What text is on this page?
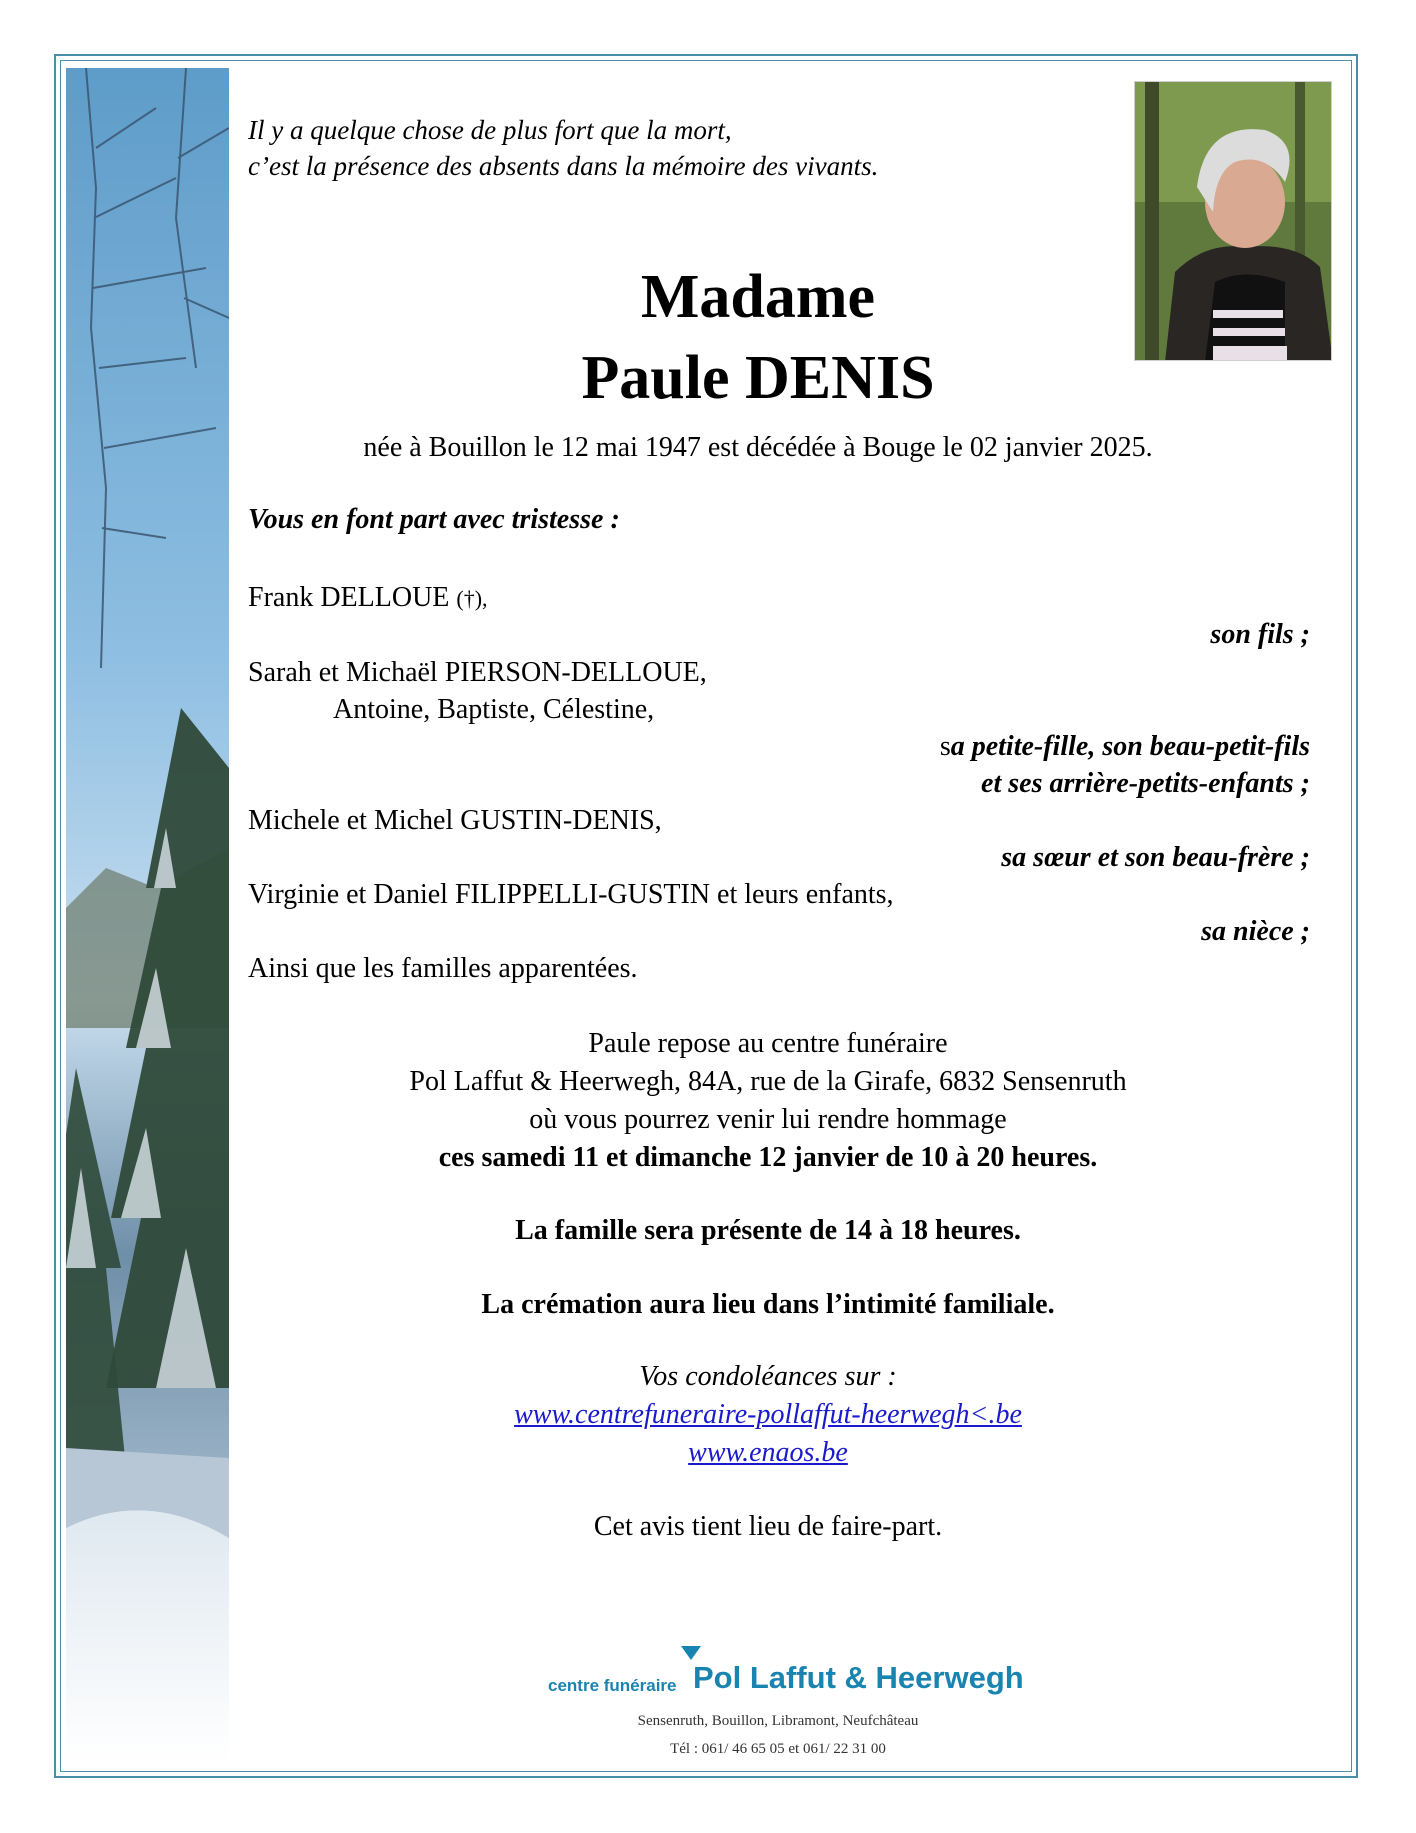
Il y a quelque chose de plus fort que la mort,
c’est la présence des absents dans la mémoire des vivants.

Madame

Paule DENIS

née à Bouillon le 12 mai 1947 est décédée à Bouge le 02 janvier 2025.

Vous en font part avec tristesse :

Frank DELLOUE (†),

son fils ;

Sarah et Michaël PIERSON-DELLOUE,

Antoine, Baptiste, Célestine,

sa petite-fille, son beau-petit-fils

et ses arrière-petits-enfants ;

Michele et Michel GUSTIN-DENIS,

sa sœur et son beau-frère ;

Virginie et Daniel FILIPPELLI-GUSTIN et leurs enfants,

sa nièce ;

Ainsi que les familles apparentées.

Paule repose au centre funéraire

Pol Laffut & Heerwegh, 84A, rue de la Girafe, 6832 Sensenruth

où vous pourrez venir lui rendre hommage

ces samedi 11 et dimanche 12 janvier de 10 à 20 heures.

La famille sera présente de 14 à 18 heures.

La crémation aura lieu dans l’intimité familiale.

Vos condoléances sur :

www.centrefuneraire-pollaffut-heerwegh<.be

www.enaos.be

Cet avis tient lieu de faire-part.

centre funéraire Pol Laffut & Heerwegh
Sensenruth, Bouillon, Libramont, Neufchâteau
Tél : 061/ 46 65 05 et 061/ 22 31 00
